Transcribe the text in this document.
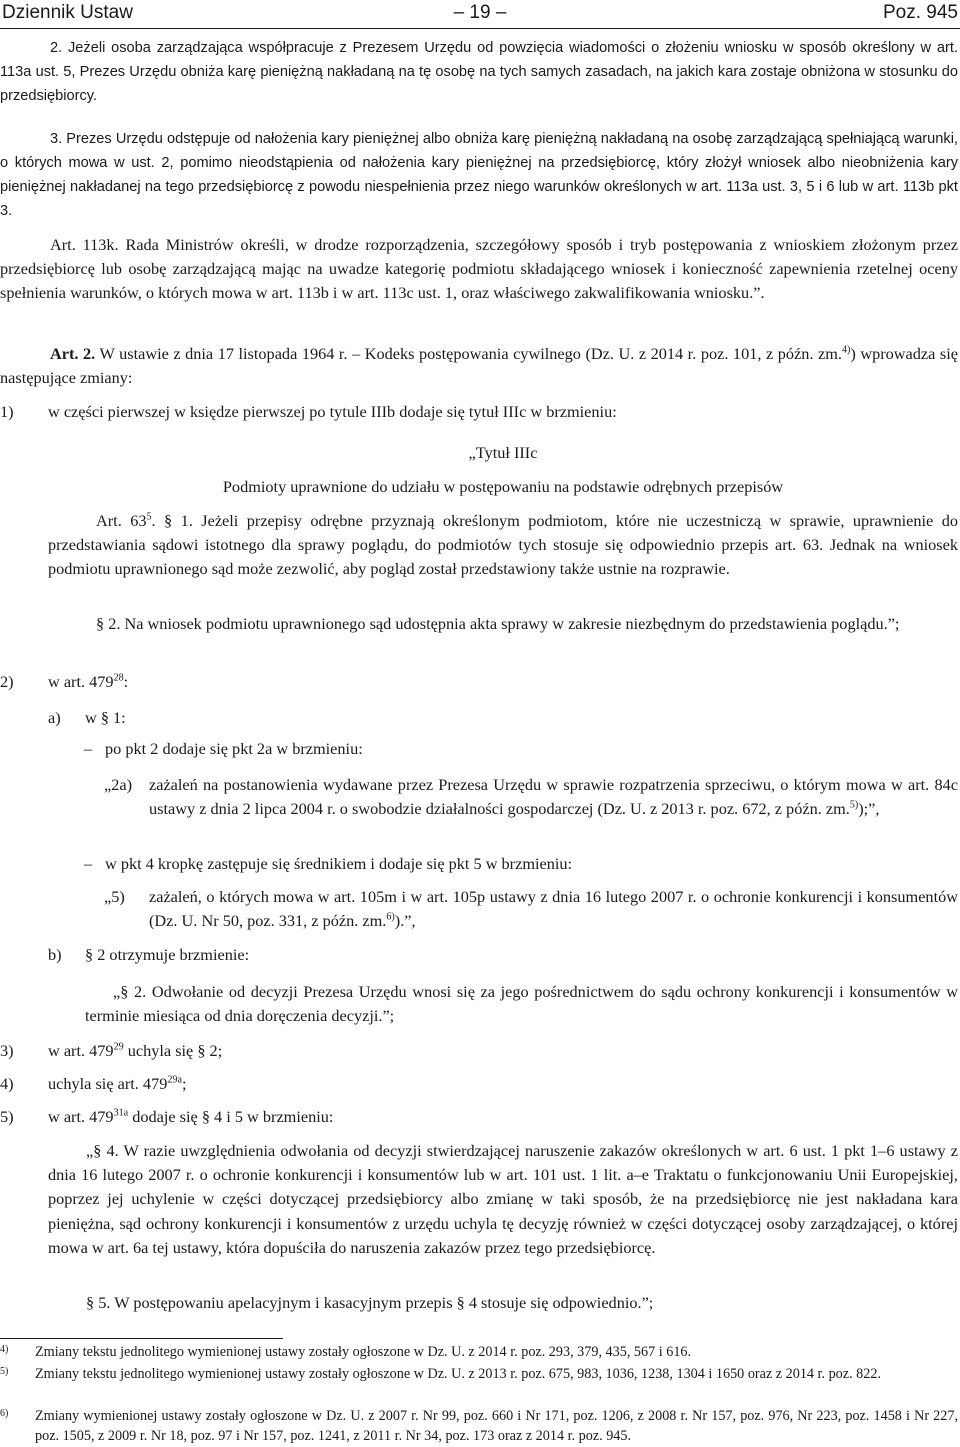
Dziennik Ustaw	– 19 –	Poz. 945
2. Jeżeli osoba zarządzająca współpracuje z Prezesem Urzędu od powzięcia wiadomości o złożeniu wniosku w sposób określony w art. 113a ust. 5, Prezes Urzędu obniża karę pieniężną nakładaną na tę osobę na tych samych zasadach, na jakich kara zostaje obniżona w stosunku do przedsiębiorcy.
3. Prezes Urzędu odstępuje od nałożenia kary pieniężnej albo obniża karę pieniężną nakładaną na osobę zarządzającą spełniającą warunki, o których mowa w ust. 2, pomimo nieodstąpienia od nałożenia kary pieniężnej na przedsiębiorcę, który złożył wniosek albo nieobniżenia kary pieniężnej nakładanej na tego przedsiębiorcę z powodu niespełnienia przez niego warunków określonych w art. 113a ust. 3, 5 i 6 lub w art. 113b pkt 3.
Art. 113k. Rada Ministrów określi, w drodze rozporządzenia, szczegółowy sposób i tryb postępowania z wnioskiem złożonym przez przedsiębiorcę lub osobę zarządzającą mając na uwadze kategorię podmiotu składającego wniosek i konieczność zapewnienia rzetelnej oceny spełnienia warunków, o których mowa w art. 113b i w art. 113c ust. 1, oraz właściwego zakwalifikowania wniosku.”.
Art. 2. W ustawie z dnia 17 listopada 1964 r. – Kodeks postępowania cywilnego (Dz. U. z 2014 r. poz. 101, z późn. zm.$^{4)}$) wprowadza się następujące zmiany:
1) w części pierwszej w księdze pierwszej po tytule IIIb dodaje się tytuł IIIc w brzmieniu:
„Tytuł IIIc
Podmioty uprawnione do udziału w postępowaniu na podstawie odrębnych przepisów
Art. $63^5$. § 1. Jeżeli przepisy odrębne przyznają określonym podmiotom, które nie uczestniczą w sprawie, uprawnienie do przedstawiania sądowi istotnego dla sprawy poglądu, do podmiotów tych stosuje się odpowiednio przepis art. 63. Jednak na wniosek podmiotu uprawnionego sąd może zezwolić, aby pogląd został przedstawiony także ustnie na rozprawie.
§ 2. Na wniosek podmiotu uprawnionego sąd udostępnia akta sprawy w zakresie niezbędnym do przedstawienia poglądu.”;
2) w art. $479^{28}$:
a) w § 1:
– po pkt 2 dodaje się pkt 2a w brzmieniu:
„2a) zażaleń na postanowienia wydawane przez Prezesa Urzędu w sprawie rozpatrzenia sprzeciwu, o którym mowa w art. 84c ustawy z dnia 2 lipca 2004 r. o swobodzie działalności gospodarczej (Dz. U. z 2013 r. poz. 672, z późn. zm.$^{5)}$);”,
– w pkt 4 kropkę zastępuje się średnikiem i dodaje się pkt 5 w brzmieniu:
„5) zażaleń, o których mowa w art. 105m i w art. 105p ustawy z dnia 16 lutego 2007 r. o ochronie konkurencji i konsumentów (Dz. U. Nr 50, poz. 331, z późn. zm.$^{6)}$).”,
b) § 2 otrzymuje brzmienie:
„§ 2. Odwołanie od decyzji Prezesa Urzędu wnosi się za jego pośrednictwem do sądu ochrony konkurencji i konsumentów w terminie miesiąca od dnia doręczenia decyzji.”;
3) w art. $479^{29}$ uchyla się § 2;
4) uchyla się art. $479^{29a}$;
5) w art. $479^{31a}$ dodaje się § 4 i 5 w brzmieniu:
„§ 4. W razie uwzględnienia odwołania od decyzji stwierdzającej naruszenie zakazów określonych w art. 6 ust. 1 pkt 1–6 ustawy z dnia 16 lutego 2007 r. o ochronie konkurencji i konsumentów lub w art. 101 ust. 1 lit. a–e Traktatu o funkcjonowaniu Unii Europejskiej, poprzez jej uchylenie w części dotyczącej przedsiębiorcy albo zmianę w taki sposób, że na przedsiębiorcę nie jest nakładana kara pieniężna, sąd ochrony konkurencji i konsumentów z urzędu uchyla tę decyzję również w części dotyczącej osoby zarządzającej, o której mowa w art. 6a tej ustawy, która dopuściła do naruszenia zakazów przez tego przedsiębiorcę.
§ 5. W postępowaniu apelacyjnym i kasacyjnym przepis § 4 stosuje się odpowiednio.”;
4) Zmiany tekstu jednolitego wymienionej ustawy zostały ogłoszone w Dz. U. z 2014 r. poz. 293, 379, 435, 567 i 616.
5) Zmiany tekstu jednolitego wymienionej ustawy zostały ogłoszone w Dz. U. z 2013 r. poz. 675, 983, 1036, 1238, 1304 i 1650 oraz z 2014 r. poz. 822.
6) Zmiany wymienionej ustawy zostały ogłoszone w Dz. U. z 2007 r. Nr 99, poz. 660 i Nr 171, poz. 1206, z 2008 r. Nr 157, poz. 976, Nr 223, poz. 1458 i Nr 227, poz. 1505, z 2009 r. Nr 18, poz. 97 i Nr 157, poz. 1241, z 2011 r. Nr 34, poz. 173 oraz z 2014 r. poz. 945.
